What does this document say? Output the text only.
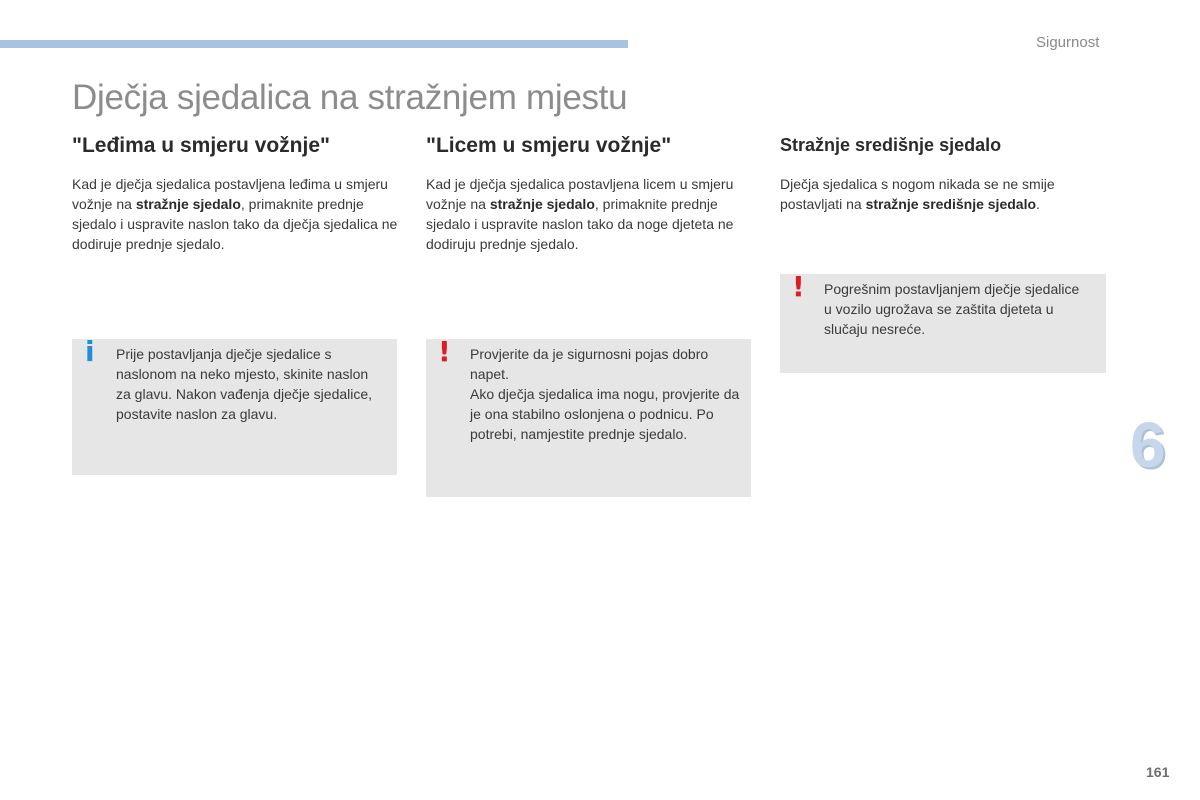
Sigurnost
Dječja sjedalica na stražnjem mjestu
"Leđima u smjeru vožnje"
Kad je dječja sjedalica postavljena leđima u smjeru vožnje na stražnje sjedalo, primaknite prednje sjedalo i uspravite naslon tako da dječja sjedalica ne dodiruje prednje sjedalo.
i Prije postavljanja dječje sjedalice s naslonom na neko mjesto, skinite naslon za glavu. Nakon vađenja dječje sjedalice, postavite naslon za glavu.
"Licem u smjeru vožnje"
Kad je dječja sjedalica postavljena licem u smjeru vožnje na stražnje sjedalo, primaknite prednje sjedalo i uspravite naslon tako da noge djeteta ne dodiruju prednje sjedalo.
! Provjerite da je sigurnosni pojas dobro napet.
Ako dječja sjedalica ima nogu, provjerite da je ona stabilno oslonjena o podnicu. Po potrebi, namjestite prednje sjedalo.
Stražnje središnje sjedalo
Dječja sjedalica s nogom nikada se ne smije postavljati na stražnje središnje sjedalo.
! Pogrešnim postavljanjem dječje sjedalice u vozilo ugrožava se zaštita djeteta u slučaju nesreće.
6
161
